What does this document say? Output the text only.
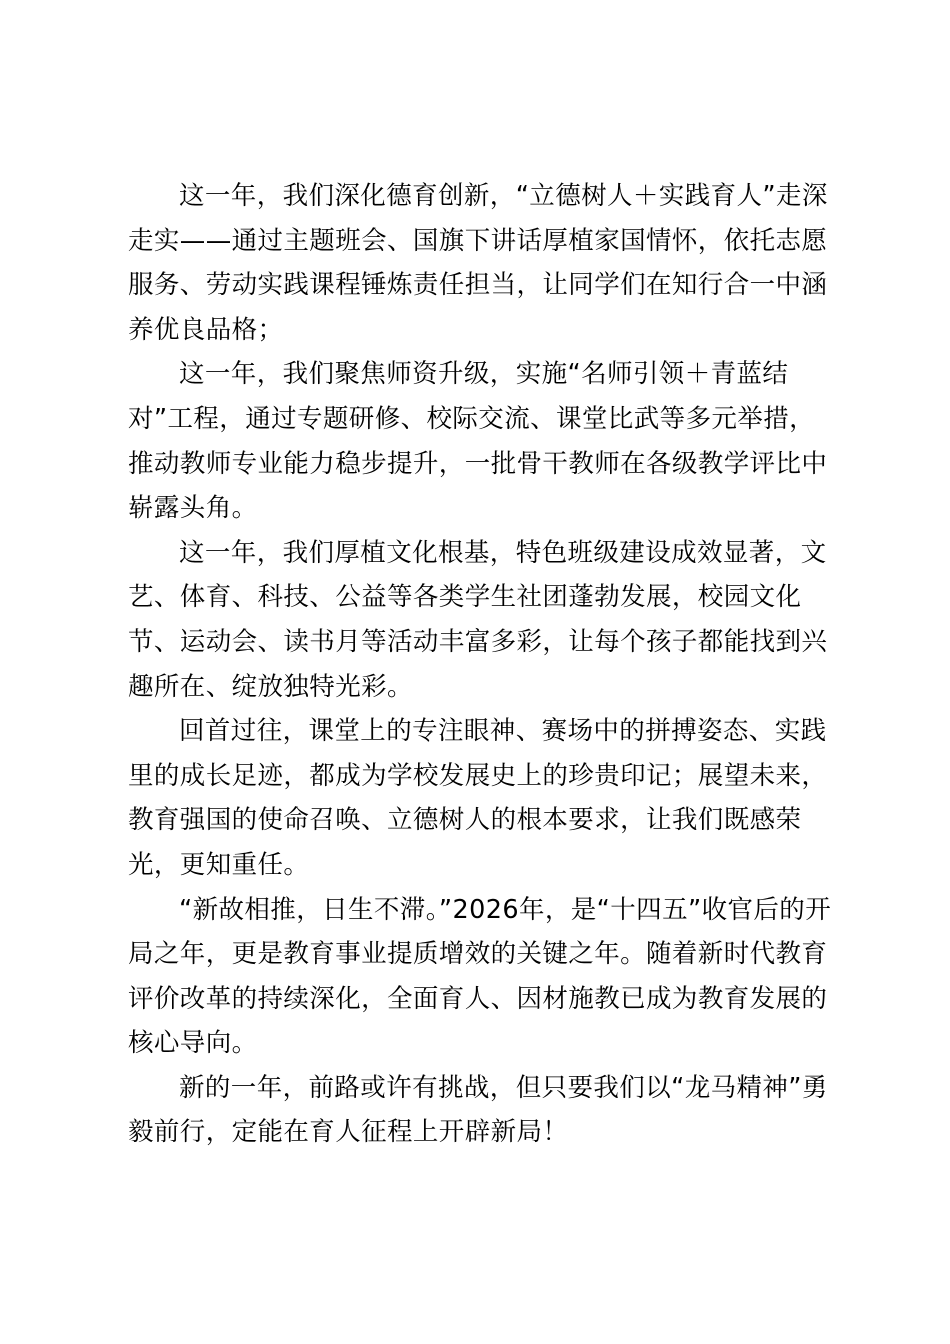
这一年，我们深化德育创新，“立德树人＋实践育人”走深走实——通过主题班会、国旗下讲话厚植家国情怀，依托志愿服务、劳动实践课程锤炼责任担当，让同学们在知行合一中涵养优良品格；

这一年，我们聚焦师资升级，实施“名师引领＋青蓝结对”工程，通过专题研修、校际交流、课堂比武等多元举措，推动教师专业能力稳步提升，一批骨干教师在各级教学评比中崭露头角。

这一年，我们厚植文化根基，特色班级建设成效显著，文艺、体育、科技、公益等各类学生社团蓬勃发展，校园文化节、运动会、读书月等活动丰富多彩，让每个孩子都能找到兴趣所在、绽放独特光彩。

回首过往，课堂上的专注眼神、赛场中的拼搏姿态、实践里的成长足迹，都成为学校发展史上的珍贵印记；展望未来，教育强国的使命召唤、立德树人的根本要求，让我们既感荣光，更知重任。

“新故相推，日生不滞。”2026年，是“十四五”收官后的开局之年，更是教育事业提质增效的关键之年。随着新时代教育评价改革的持续深化，全面育人、因材施教已成为教育发展的核心导向。

新的一年，前路或许有挑战，但只要我们以“龙马精神”勇毅前行，定能在育人征程上开辟新局！
